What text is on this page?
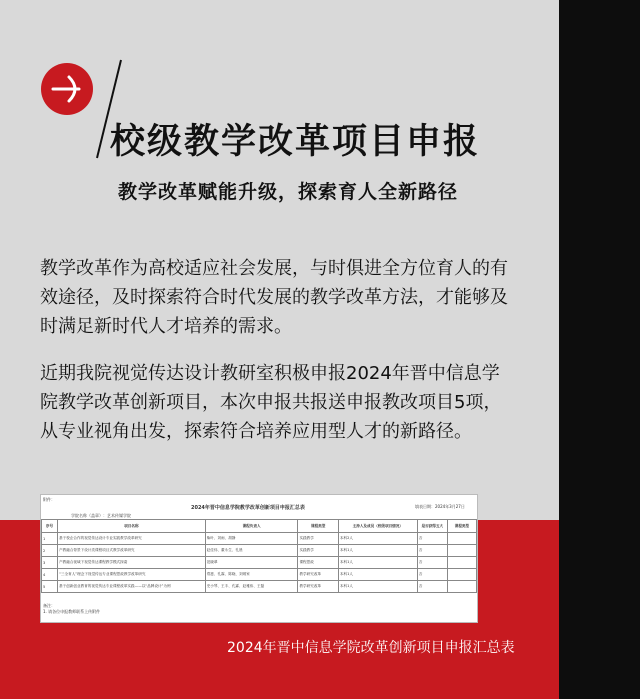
校级教学改革项目申报
教学改革赋能升级，探索育人全新路径
教学改革作为高校适应社会发展，与时俱进全方位育人的有效途径，及时探索符合时代发展的教学改革方法，才能够及时满足新时代人才培养的需求。
近期我院视觉传达设计教研室积极申报2024年晋中信息学院教学改革创新项目，本次申报共报送申报教改项目5项，从专业视角出发，探索符合培养应用型人才的新路径。
附件：
2024年晋中信息学院教学改革创新项目申报汇总表
学院名称（盖章）：艺术传媒学院
填表日期：2024年3月27日
序号	项目名称	课程负责人	课程类型	主持人及成员（校级项目情况）	是否获得五大	课程类型
1	基于校企合作的视觉传达设计专业实践教学改革研究	柴叶、刘雨、胡静	实践教学	本科2人	否	
2	产教融合背景下设计类课程项目式教学改革研究	赵佳伟、董永生、孔晨	实践教学	本科1人	否	
3	产教融合视域下视觉传达课程教学模式探索	范晓翠	课程思政	本科1人	否	
4	“三全育人”理念下视觉传达专业课程思政教学改革研究	郑惠、孔霖、陈晓、刘炳家	教学研究改革	本科1人	否	
5	基于创新创业教育的视觉传达专业课程改革实践——以“品牌设计”为例	史小琴、王丰、孔霖、赵雅伟、王磊	教学研究改革	本科1人	否	
备注：
1. 请各位申报教师联系上传附件
2024年晋中信息学院改革创新项目申报汇总表
